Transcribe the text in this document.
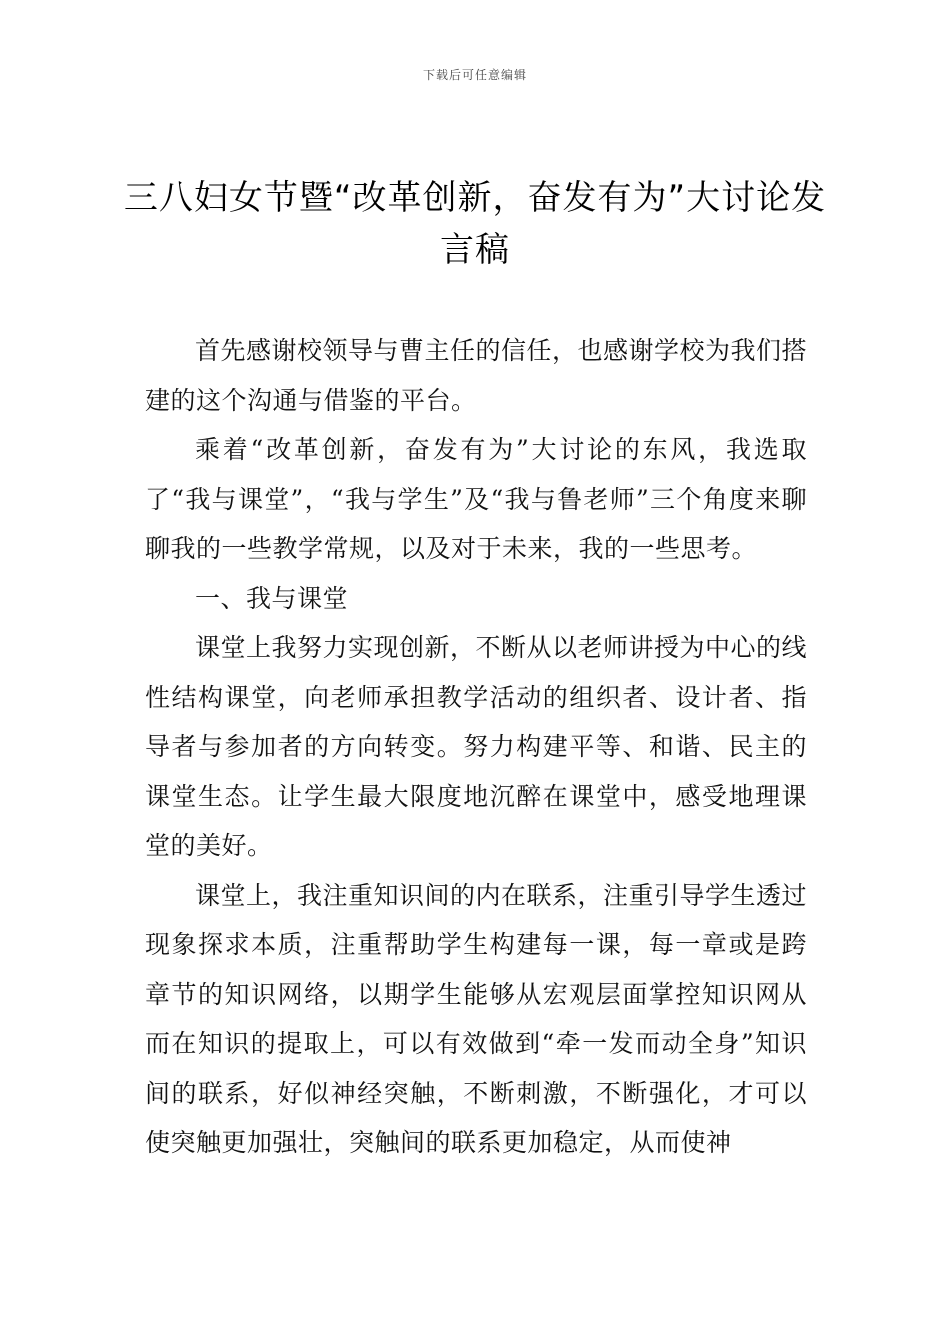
下载后可任意编辑
三八妇女节暨“改革创新，奋发有为”大讨论发言稿

首先感谢校领导与曹主任的信任，也感谢学校为我们搭建的这个沟通与借鉴的平台。

乘着“改革创新，奋发有为”大讨论的东风，我选取了“我与课堂”，“我与学生”及“我与鲁老师”三个角度来聊聊我的一些教学常规，以及对于未来，我的一些思考。

一、我与课堂

课堂上我努力实现创新，不断从以老师讲授为中心的线性结构课堂，向老师承担教学活动的组织者、设计者、指导者与参加者的方向转变。努力构建平等、和谐、民主的课堂生态。让学生最大限度地沉醉在课堂中，感受地理课堂的美好。

课堂上，我注重知识间的内在联系，注重引导学生透过现象探求本质，注重帮助学生构建每一课，每一章或是跨章节的知识网络，以期学生能够从宏观层面掌控知识网从而在知识的提取上，可以有效做到“牵一发而动全身”知识间的联系，好似神经突触，不断刺激，不断强化，才可以使突触更加强壮，突触间的联系更加稳定，从而使神
